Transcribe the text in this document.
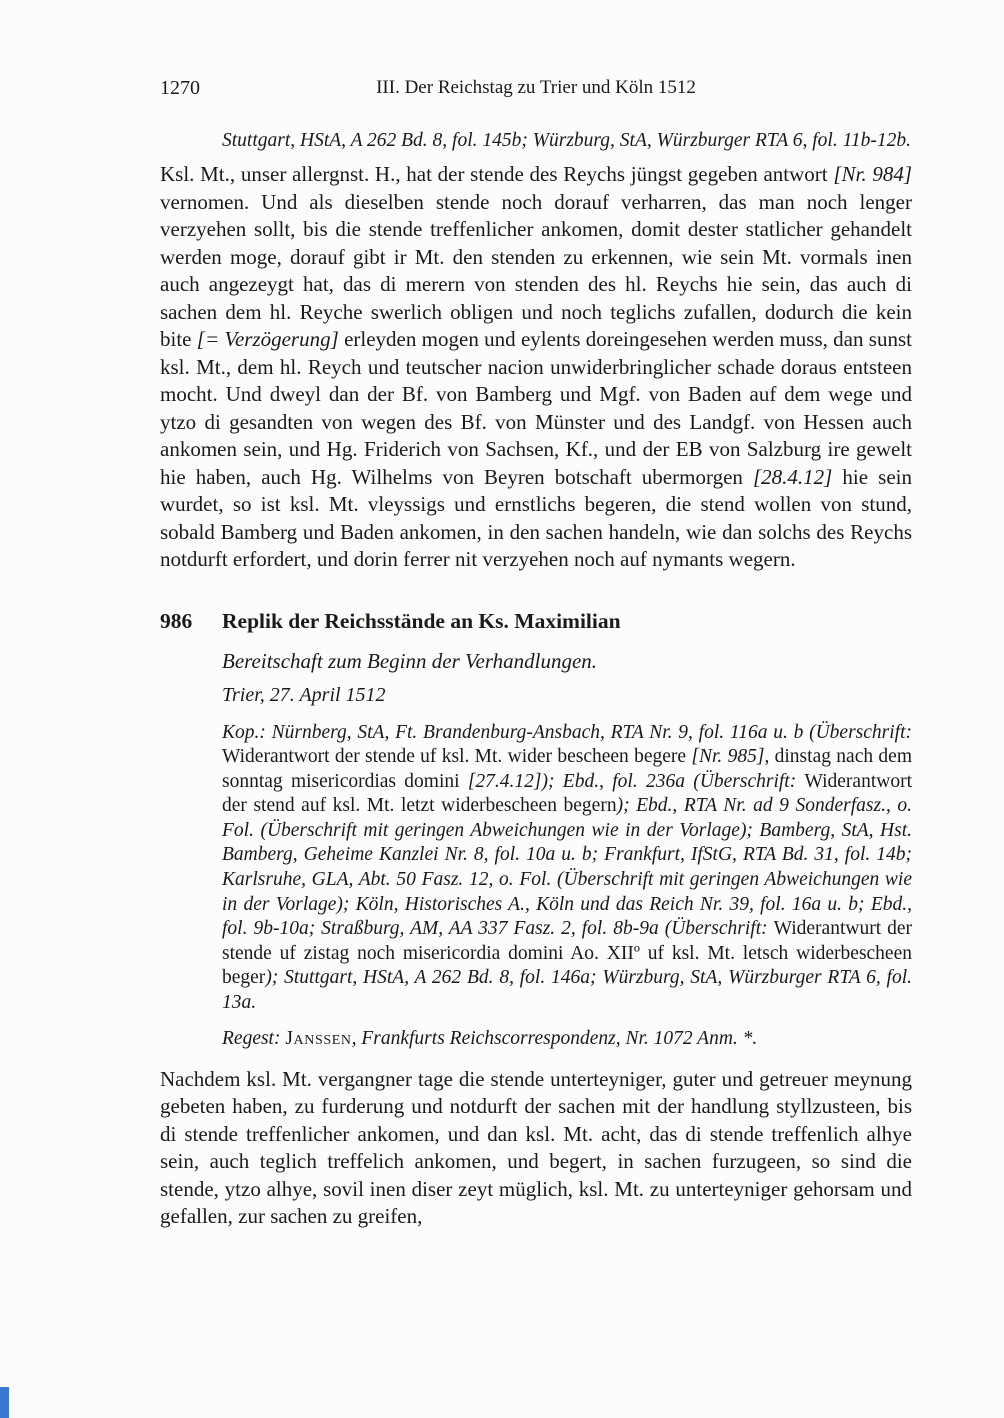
1270	III. Der Reichstag zu Trier und Köln 1512

Stuttgart, HStA, A 262 Bd. 8, fol. 145b; Würzburg, StA, Würzburger RTA 6, fol. 11b-12b.

Ksl. Mt., unser allergnst. H., hat der stende des Reychs jüngst gegeben antwort [Nr. 984] vernomen. Und als dieselben stende noch dorauf verharren, das man noch lenger verzyehen sollt, bis die stende treffenlicher ankomen, domit dester statlicher gehandelt werden moge, dorauf gibt ir Mt. den stenden zu erkennen, wie sein Mt. vormals inen auch angezeygt hat, das di merern von stenden des hl. Reychs hie sein, das auch di sachen dem hl. Reyche swerlich obligen und noch teglichs zufallen, dodurch die kein bite [= Verzögerung] erleyden mogen und eylents doreingesehen werden muss, dan sunst ksl. Mt., dem hl. Reych und teutscher nacion unwiderbringlicher schade doraus entsteen mocht. Und dweyl dan der Bf. von Bamberg und Mgf. von Baden auf dem wege und ytzo di gesandten von wegen des Bf. von Münster und des Landgf. von Hessen auch ankomen sein, und Hg. Friderich von Sachsen, Kf., und der EB von Salzburg ire gewelt hie haben, auch Hg. Wilhelms von Beyren botschaft ubermorgen [28.4.12] hie sein wurdet, so ist ksl. Mt. vleyssigs und ernstlichs begeren, die stend wollen von stund, sobald Bamberg und Baden ankomen, in den sachen handeln, wie dan solchs des Reychs notdurft erfordert, und dorin ferrer nit verzyehen noch auf nymants wegern.

986	Replik der Reichsstände an Ks. Maximilian

Bereitschaft zum Beginn der Verhandlungen.

Trier, 27. April 1512

Kop.: Nürnberg, StA, Ft. Brandenburg-Ansbach, RTA Nr. 9, fol. 116a u. b (Überschrift: Widerantwort der stende uf ksl. Mt. wider bescheen begere [Nr. 985], dinstag nach dem sonntag misericordias domini [27.4.12]); Ebd., fol. 236a (Überschrift: Widerantwort der stend auf ksl. Mt. letzt widerbescheen begern); Ebd., RTA Nr. ad 9 Sonderfasz., o. Fol. (Überschrift mit geringen Abweichungen wie in der Vorlage); Bamberg, StA, Hst. Bamberg, Geheime Kanzlei Nr. 8, fol. 10a u. b; Frankfurt, IfStG, RTA Bd. 31, fol. 14b; Karlsruhe, GLA, Abt. 50 Fasz. 12, o. Fol. (Überschrift mit geringen Abweichungen wie in der Vorlage); Köln, Historisches A., Köln und das Reich Nr. 39, fol. 16a u. b; Ebd., fol. 9b-10a; Straßburg, AM, AA 337 Fasz. 2, fol. 8b-9a (Überschrift: Widerantwurt der stende uf zistag noch misericordia domini Ao. XIIº uf ksl. Mt. letsch widerbescheen beger); Stuttgart, HStA, A 262 Bd. 8, fol. 146a; Würzburg, StA, Würzburger RTA 6, fol. 13a.

Regest: Janssen, Frankfurts Reichscorrespondenz, Nr. 1072 Anm. *.

Nachdem ksl. Mt. vergangner tage die stende unterteyniger, guter und getreuer meynung gebeten haben, zu furderung und notdurft der sachen mit der handlung styllzusteen, bis di stende treffenlicher ankomen, und dan ksl. Mt. acht, das di stende treffenlich alhye sein, auch teglich treffelich ankomen, und begert, in sachen furzugeen, so sind die stende, ytzo alhye, sovil inen diser zeyt müglich, ksl. Mt. zu unterteyniger gehorsam und gefallen, zur sachen zu greifen,
